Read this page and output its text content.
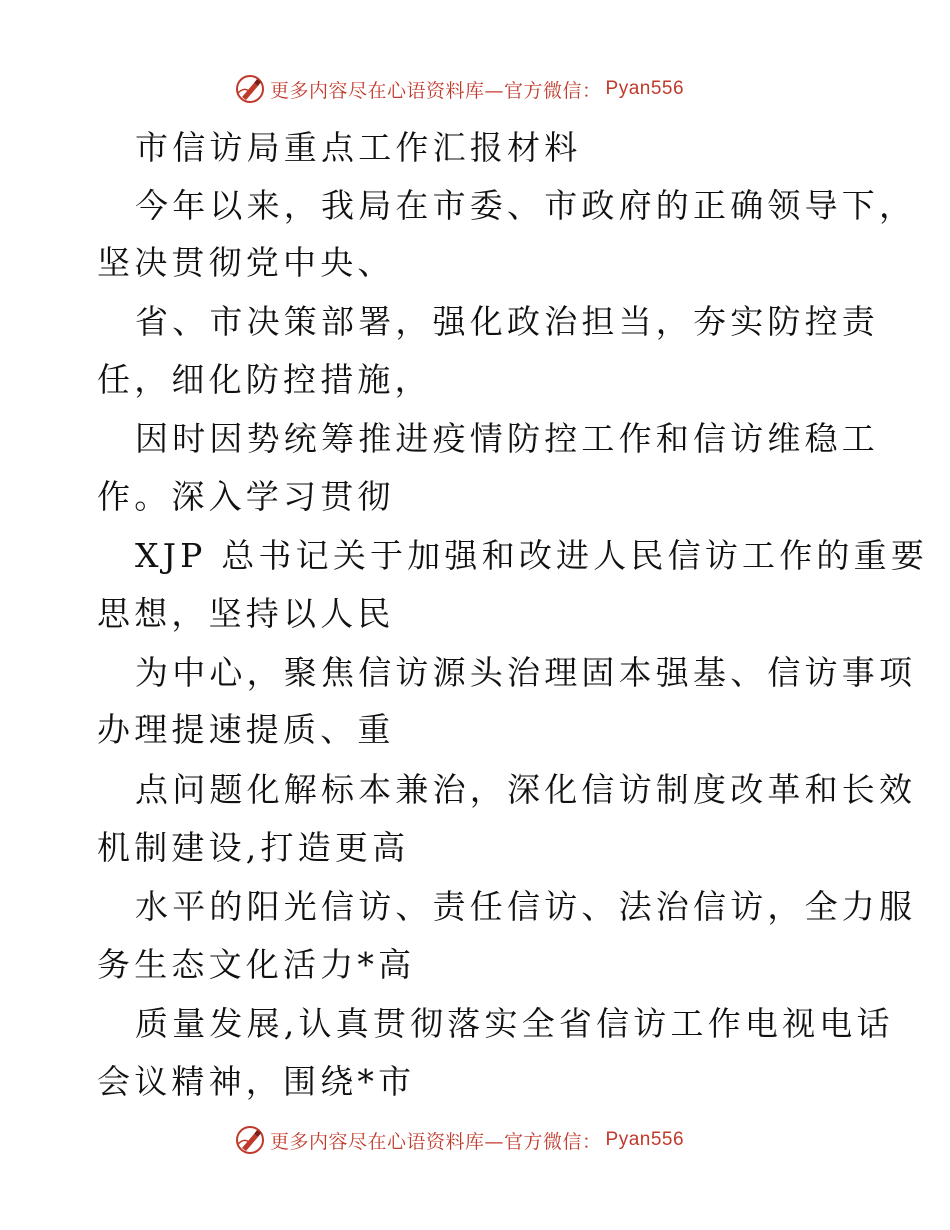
更多内容尽在心语资料库—官方微信： Pyan556
市信访局重点工作汇报材料
今年以来，我局在市委、市政府的正确领导下，
坚决贯彻党中央、
省、市决策部署，强化政治担当，夯实防控责
任，细化防控措施，
因时因势统筹推进疫情防控工作和信访维稳工
作。深入学习贯彻
XJP 总书记关于加强和改进人民信访工作的重要
思想，坚持以人民
为中心，聚焦信访源头治理固本强基、信访事项
办理提速提质、重
点问题化解标本兼治，深化信访制度改革和长效
机制建设,打造更高
水平的阳光信访、责任信访、法治信访，全力服
务生态文化活力*高
质量发展,认真贯彻落实全省信访工作电视电话
会议精神，围绕*市
更多内容尽在心语资料库—官方微信： Pyan556
